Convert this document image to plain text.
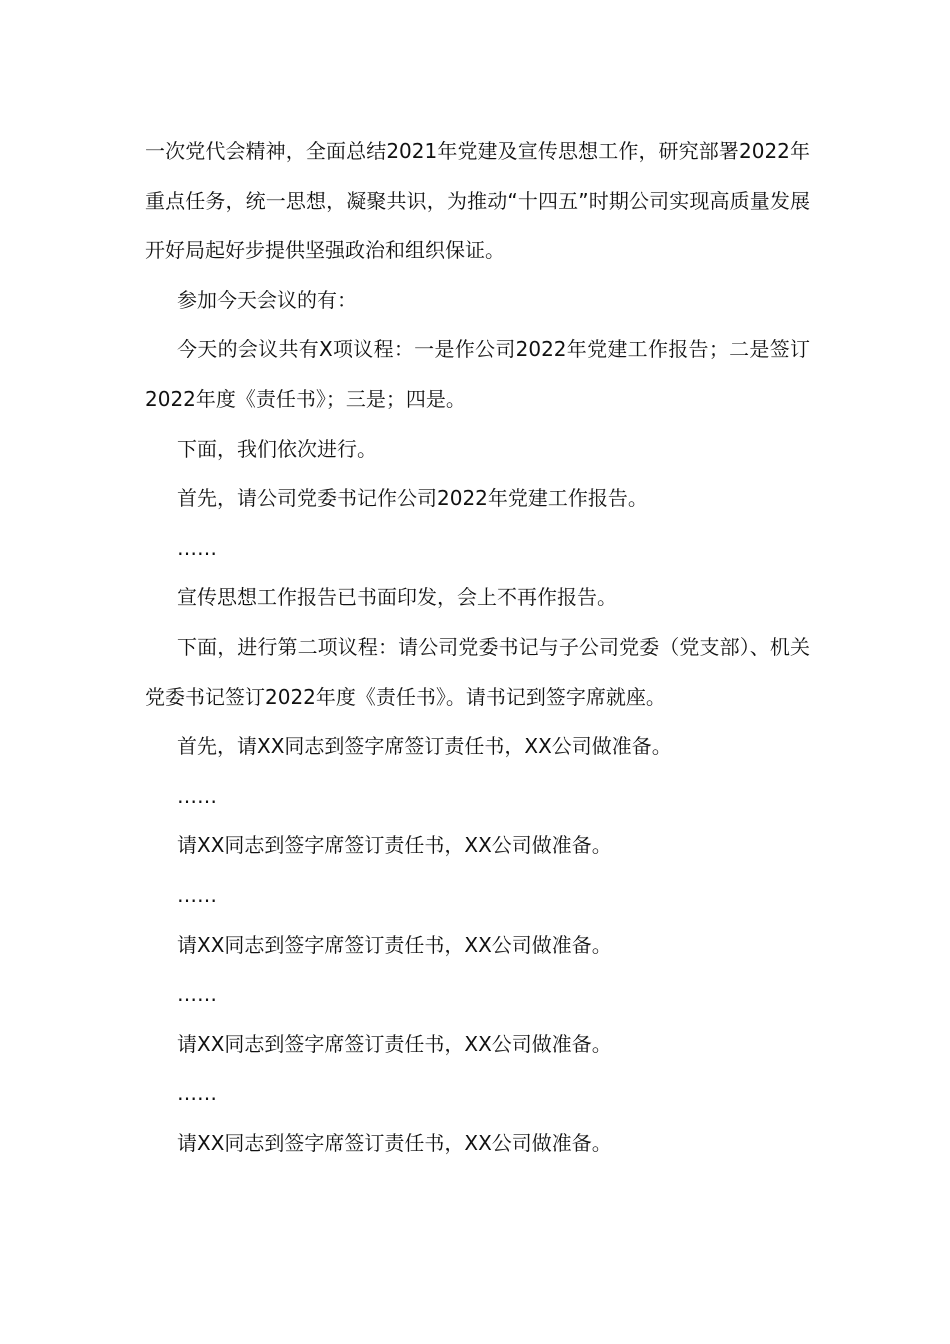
一次党代会精神，全面总结2021年党建及宣传思想工作，研究部署2022年重点任务，统一思想，凝聚共识，为推动“十四五”时期公司实现高质量发展开好局起好步提供坚强政治和组织保证。

参加今天会议的有：

今天的会议共有X项议程：一是作公司2022年党建工作报告；二是签订2022年度《责任书》；三是；四是。

下面，我们依次进行。

首先，请公司党委书记作公司2022年党建工作报告。

……

宣传思想工作报告已书面印发，会上不再作报告。

下面，进行第二项议程：请公司党委书记与子公司党委（党支部）、机关党委书记签订2022年度《责任书》。请书记到签字席就座。

首先，请XX同志到签字席签订责任书，XX公司做准备。

……

请XX同志到签字席签订责任书，XX公司做准备。

……

请XX同志到签字席签订责任书，XX公司做准备。

……

请XX同志到签字席签订责任书，XX公司做准备。

……

请XX同志到签字席签订责任书，XX公司做准备。
